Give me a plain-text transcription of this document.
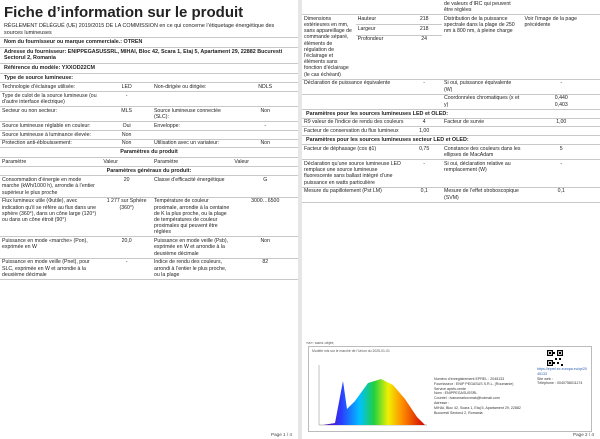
Fiche d’information sur le produit
RÈGLEMENT DÉLÉGUÉ (UE) 2019/2015 DE LA COMMISSION en ce qui concerne l’étiquetage énergétique des sources lumineuses
Nom du fournisseur ou marque commerciale.: OTREN
Adresse du fournisseur: ENIPPEGASUSSRL, MIHAI, Bloc 42, Scara 1, Etaj 5, Apartament 29, 22882 Bucuresti Sectorul 2, Romania
Référence du modèle: YXXOD22CM
Type de source lumineuse:
Technologie d’éclairage utilisée:	LED	Non-dirigée ou dirigée:	NDLS
Type de culot de la source lumineuse (ou d’autre interface électrique)	-		
Secteur ou non secteur:	MLS	Source lumineuse connectée (SLC):	Non
Source lumineuse réglable en couleur:	Oui	Enveloppe:	-
Source lumineuse à luminance élevée:	Non		
Protection anti-éblouissement:	Non	Utilisation avec un variateur:	Non
Paramètres du produit
Paramètre	Valeur	Paramètre	Valeur
Paramètres généraux du produit:
Consommation d’énergie en mode marche (kWh/1000 h), arrondie à l’entier supérieur le plus proche	20	Classe d’efficacité énergétique	G
Flux lumineux utile (Φutile), avec indication qu’il se réfère au flux dans une sphère (360°), dans un cône large (120°) ou dans un cône étroit (90°)	1 277 sur Sphère (360°)	Température de couleur proximale, arrondie à la centaine de K la plus proche, ou la plage de températures de couleur proximales qui peuvent être réglées	3000…6500
Puissance en mode «marche» (Pon), exprimée en W	20,0	Puissance en mode veille (Psb), exprimée en W et arrondie à la deuxième décimale	Non
Puissance en mode veille (Pnet), pour SLC, exprimée en W et arrondie à la deuxième décimale	-	Indice de rendu des couleurs, arrondi à l’entier le plus proche, ou la plage	82
Page 1 / 4
			de valeurs d’IRC qui peuvent être réglées	
Dimensions extérieures en mm, sans appareillage de commande séparé, éléments de régulation de l’éclairage et éléments sans fonction d’éclairage (le cas échéant)	Hauteur	218	Distribution de la puissance spectrale dans la plage de 250 nm à 800 nm, à pleine charge	Voir l’image de la page précédente
	Largeur	218		
	Profondeur	24		
Déclaration de puissance équivalente		-	Si oui, puissance équivalente (W)	-
			Coordonnées chromatiques (x et y)	0,440
0,403
Paramètres pour les sources lumineuses LED et OLED:
R9 valeur de l’indice de rendu des couleurs	4	Facteur de survie	1,00
Facteur de conservation du flux lumineux	1,00		
Paramètres pour les sources lumineuses secteur LED et OLED:
Facteur de déphasage (cos ϕ1)	0,75	Constance des couleurs dans les ellipses de MacAdam	5
Déclaration qu’une source lumineuse LED remplace une source lumineuse fluorescente sans ballast intégré d’une puissance en watts particulière	-	Si oui, déclaration relative au remplacement (W)	-
Mesure du papillotement (Pst LM)	0,1	Mesure de l’effet stroboscopique (SVM)	0,1
«a»: sans objet;
Modèle mis sur le marché de l’Union du 2025-01-01
Numéro d’enregistrement EPREL : 2045133
Fournisseur : ENIP PEGASUS S.R.L. (Roumanie)
Service après-vente
Nom : ENIPPEGASUSSRL
Courriel : ivanomarkovmak@hotmail.com
Adresse :
MIHAI, Bloc 42, Scara 1, Etaj 5, Apartament 29, 22882 Bucuresti Sectorul 2, Romania
https://eprel.ec.europa.eu/qr/20 45133
Site web :
Téléphone : 0040758011174
Page 2 / 4
